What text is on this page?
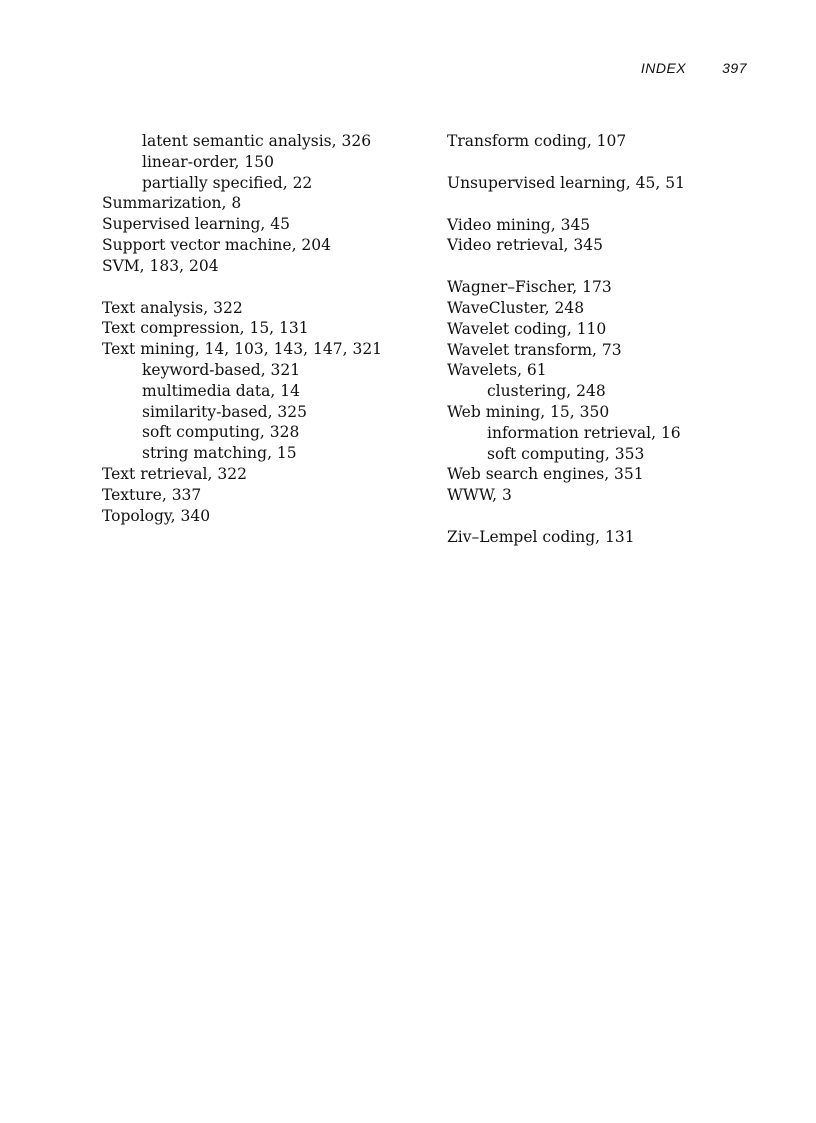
INDEX	397
latent semantic analysis, 326
linear-order, 150
partially specified, 22
Summarization, 8
Supervised learning, 45
Support vector machine, 204
SVM, 183, 204
Text analysis, 322
Text compression, 15, 131
Text mining, 14, 103, 143, 147, 321
keyword-based, 321
multimedia data, 14
similarity-based, 325
soft computing, 328
string matching, 15
Text retrieval, 322
Texture, 337
Topology, 340
Transform coding, 107
Unsupervised learning, 45, 51
Video mining, 345
Video retrieval, 345
Wagner–Fischer, 173
WaveCluster, 248
Wavelet coding, 110
Wavelet transform, 73
Wavelets, 61
clustering, 248
Web mining, 15, 350
information retrieval, 16
soft computing, 353
Web search engines, 351
WWW, 3
Ziv–Lempel coding, 131
